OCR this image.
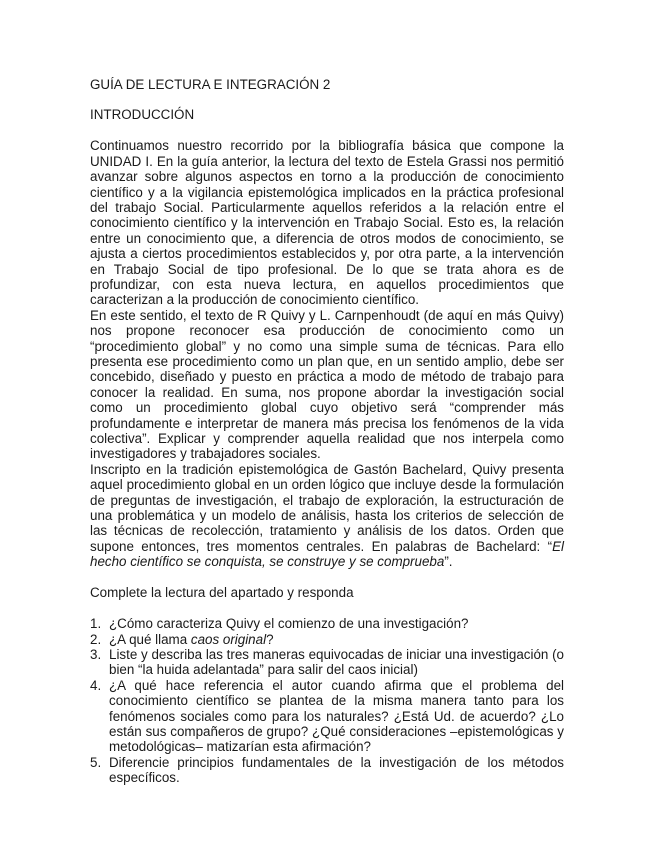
GUÍA DE LECTURA E INTEGRACIÓN 2

INTRODUCCIÓN

Continuamos nuestro recorrido por la bibliografía básica que compone la UNIDAD I. En la guía anterior, la lectura del texto de Estela Grassi nos permitió avanzar sobre algunos aspectos en torno a la producción de conocimiento científico y a la vigilancia epistemológica implicados en la práctica profesional del trabajo Social. Particularmente aquellos referidos a la relación entre el conocimiento científico y la intervención en Trabajo Social. Esto es, la relación entre un conocimiento que, a diferencia de otros modos de conocimiento, se ajusta a ciertos procedimientos establecidos y, por otra parte, a la intervención en Trabajo Social de tipo profesional. De lo que se trata ahora es de profundizar, con esta nueva lectura, en aquellos procedimientos que caracterizan a la producción de conocimiento científico.

En este sentido, el texto de R Quivy y L. Carnpenhoudt (de aquí en más Quivy) nos propone reconocer esa producción de conocimiento como un “procedimiento global” y no como una simple suma de técnicas. Para ello presenta ese procedimiento como un plan que, en un sentido amplio, debe ser concebido, diseñado y puesto en práctica a modo de método de trabajo para conocer la realidad. En suma, nos propone abordar la investigación social como un procedimiento global cuyo objetivo será “comprender más profundamente e interpretar de manera más precisa los fenómenos de la vida colectiva”. Explicar y comprender aquella realidad que nos interpela como investigadores y trabajadores sociales.

Inscripto en la tradición epistemológica de Gastón Bachelard, Quivy presenta aquel procedimiento global en un orden lógico que incluye desde la formulación de preguntas de investigación, el trabajo de exploración, la estructuración de una problemática y un modelo de análisis, hasta los criterios de selección de las técnicas de recolección, tratamiento y análisis de los datos. Orden que supone entonces, tres momentos centrales. En palabras de Bachelard: “El hecho científico se conquista, se construye y se comprueba”.

Complete la lectura del apartado y responda

1. ¿Cómo caracteriza Quivy el comienzo de una investigación?
2. ¿A qué llama caos original?
3. Liste y describa las tres maneras equivocadas de iniciar una investigación (o bien “la huida adelantada” para salir del caos inicial)
4. ¿A qué hace referencia el autor cuando afirma que el problema del conocimiento científico se plantea de la misma manera tanto para los fenómenos sociales como para los naturales? ¿Está Ud. de acuerdo? ¿Lo están sus compañeros de grupo? ¿Qué consideraciones –epistemológicas y metodológicas– matizarían esta afirmación?
5. Diferencie principios fundamentales de la investigación de los métodos específicos.
